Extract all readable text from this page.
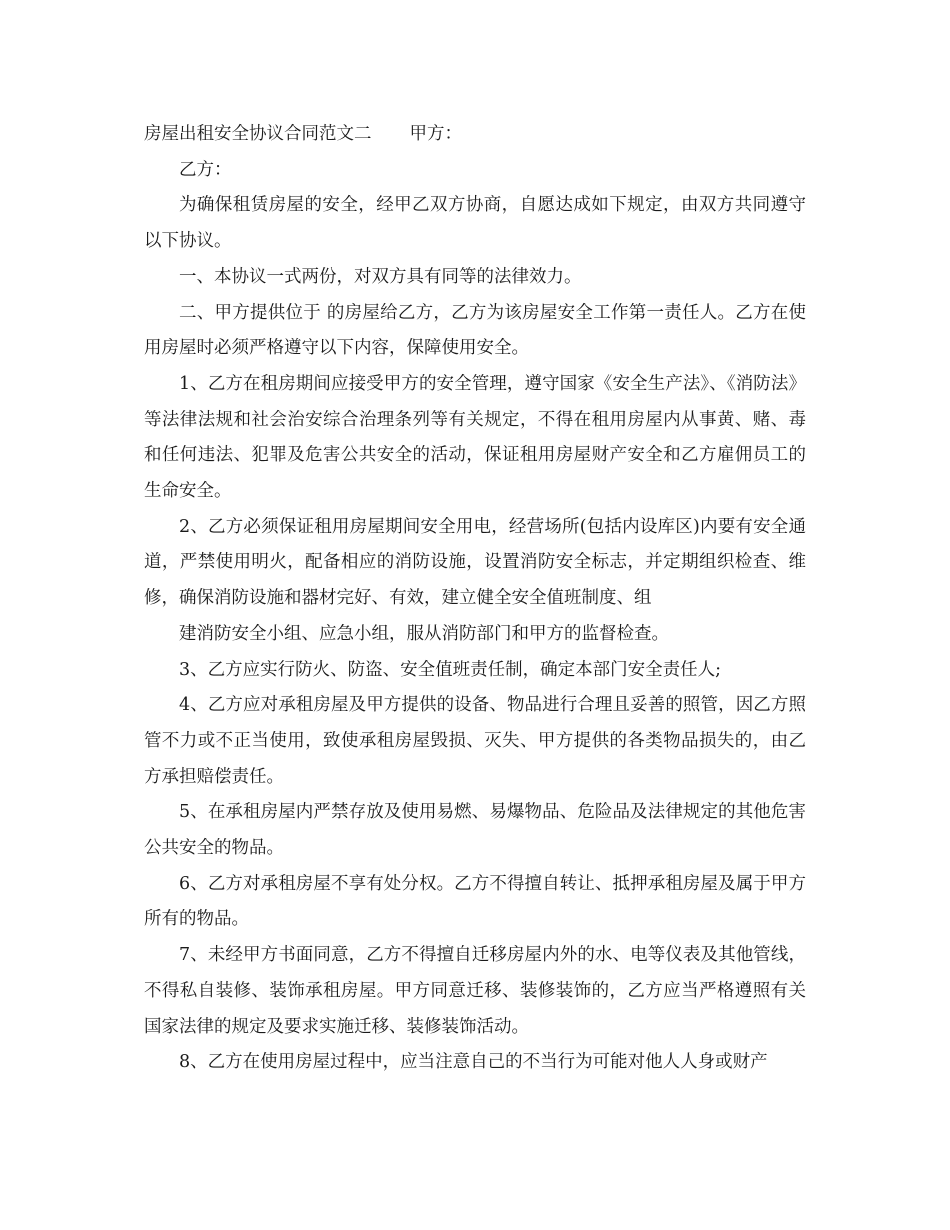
房屋出租安全协议合同范文二 甲方：

乙方：

为确保租赁房屋的安全，经甲乙双方协商，自愿达成如下规定，由双方共同遵守以下协议。

一、本协议一式两份，对双方具有同等的法律效力。

二、甲方提供位于 的房屋给乙方，乙方为该房屋安全工作第一责任人。乙方在使用房屋时必须严格遵守以下内容，保障使用安全。

1、乙方在租房期间应接受甲方的安全管理，遵守国家《安全生产法》、《消防法》等法律法规和社会治安综合治理条列等有关规定，不得在租用房屋内从事黄、赌、毒和任何违法、犯罪及危害公共安全的活动，保证租用房屋财产安全和乙方雇佣员工的生命安全。

2、乙方必须保证租用房屋期间安全用电，经营场所(包括内设库区)内要有安全通道，严禁使用明火，配备相应的消防设施，设置消防安全标志，并定期组织检查、维修，确保消防设施和器材完好、有效，建立健全安全值班制度、组

建消防安全小组、应急小组，服从消防部门和甲方的监督检查。

3、乙方应实行防火、防盗、安全值班责任制，确定本部门安全责任人;

4、乙方应对承租房屋及甲方提供的设备、物品进行合理且妥善的照管，因乙方照管不力或不正当使用，致使承租房屋毁损、灭失、甲方提供的各类物品损失的，由乙方承担赔偿责任。

5、在承租房屋内严禁存放及使用易燃、易爆物品、危险品及法律规定的其他危害公共安全的物品。

6、乙方对承租房屋不享有处分权。乙方不得擅自转让、抵押承租房屋及属于甲方所有的物品。

7、未经甲方书面同意，乙方不得擅自迁移房屋内外的水、电等仪表及其他管线，不得私自装修、装饰承租房屋。甲方同意迁移、装修装饰的，乙方应当严格遵照有关国家法律的规定及要求实施迁移、装修装饰活动。

8、乙方在使用房屋过程中，应当注意自己的不当行为可能对他人人身或财产
